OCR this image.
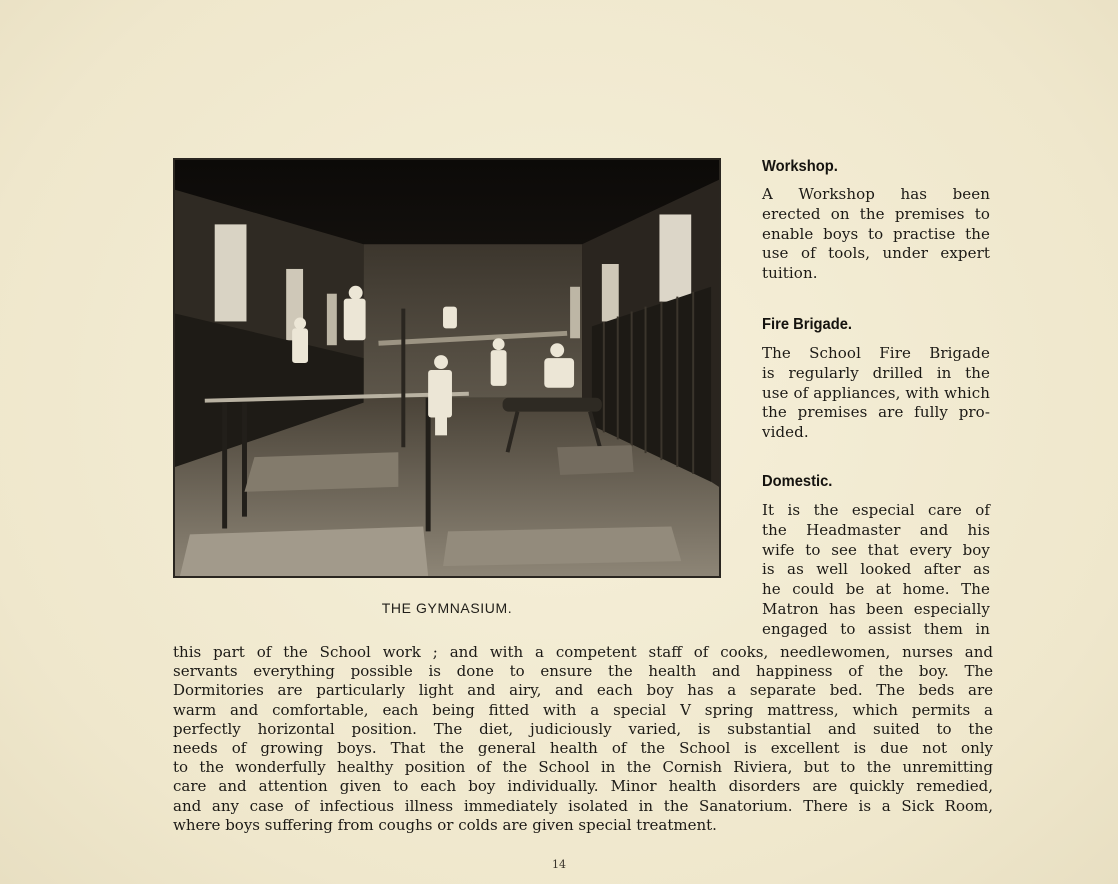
THE GYMNASIUM.
Workshop.
A Workshop has been
erected on the premises to
enable boys to practise the
use of tools, under expert
tuition.
Fire Brigade.
The School Fire Brigade
is regularly drilled in the
use of appliances, with which
the premises are fully pro-
vided.
Domestic.
It is the especial care of
the Headmaster and his
wife to see that every boy
is as well looked after as
he could be at home. The
Matron has been especially
engaged to assist them in
this part of the School work ; and with a competent staff of cooks, needlewomen, nurses and
servants everything possible is done to ensure the health and happiness of the boy. The
Dormitories are particularly light and airy, and each boy has a separate bed. The beds are
warm and comfortable, each being fitted with a special V spring mattress, which permits a
perfectly horizontal position. The diet, judiciously varied, is substantial and suited to the
needs of growing boys. That the general health of the School is excellent is due not only
to the wonderfully healthy position of the School in the Cornish Riviera, but to the unremitting
care and attention given to each boy individually. Minor health disorders are quickly remedied,
and any case of infectious illness immediately isolated in the Sanatorium. There is a Sick Room,
where boys suffering from coughs or colds are given special treatment.
14
